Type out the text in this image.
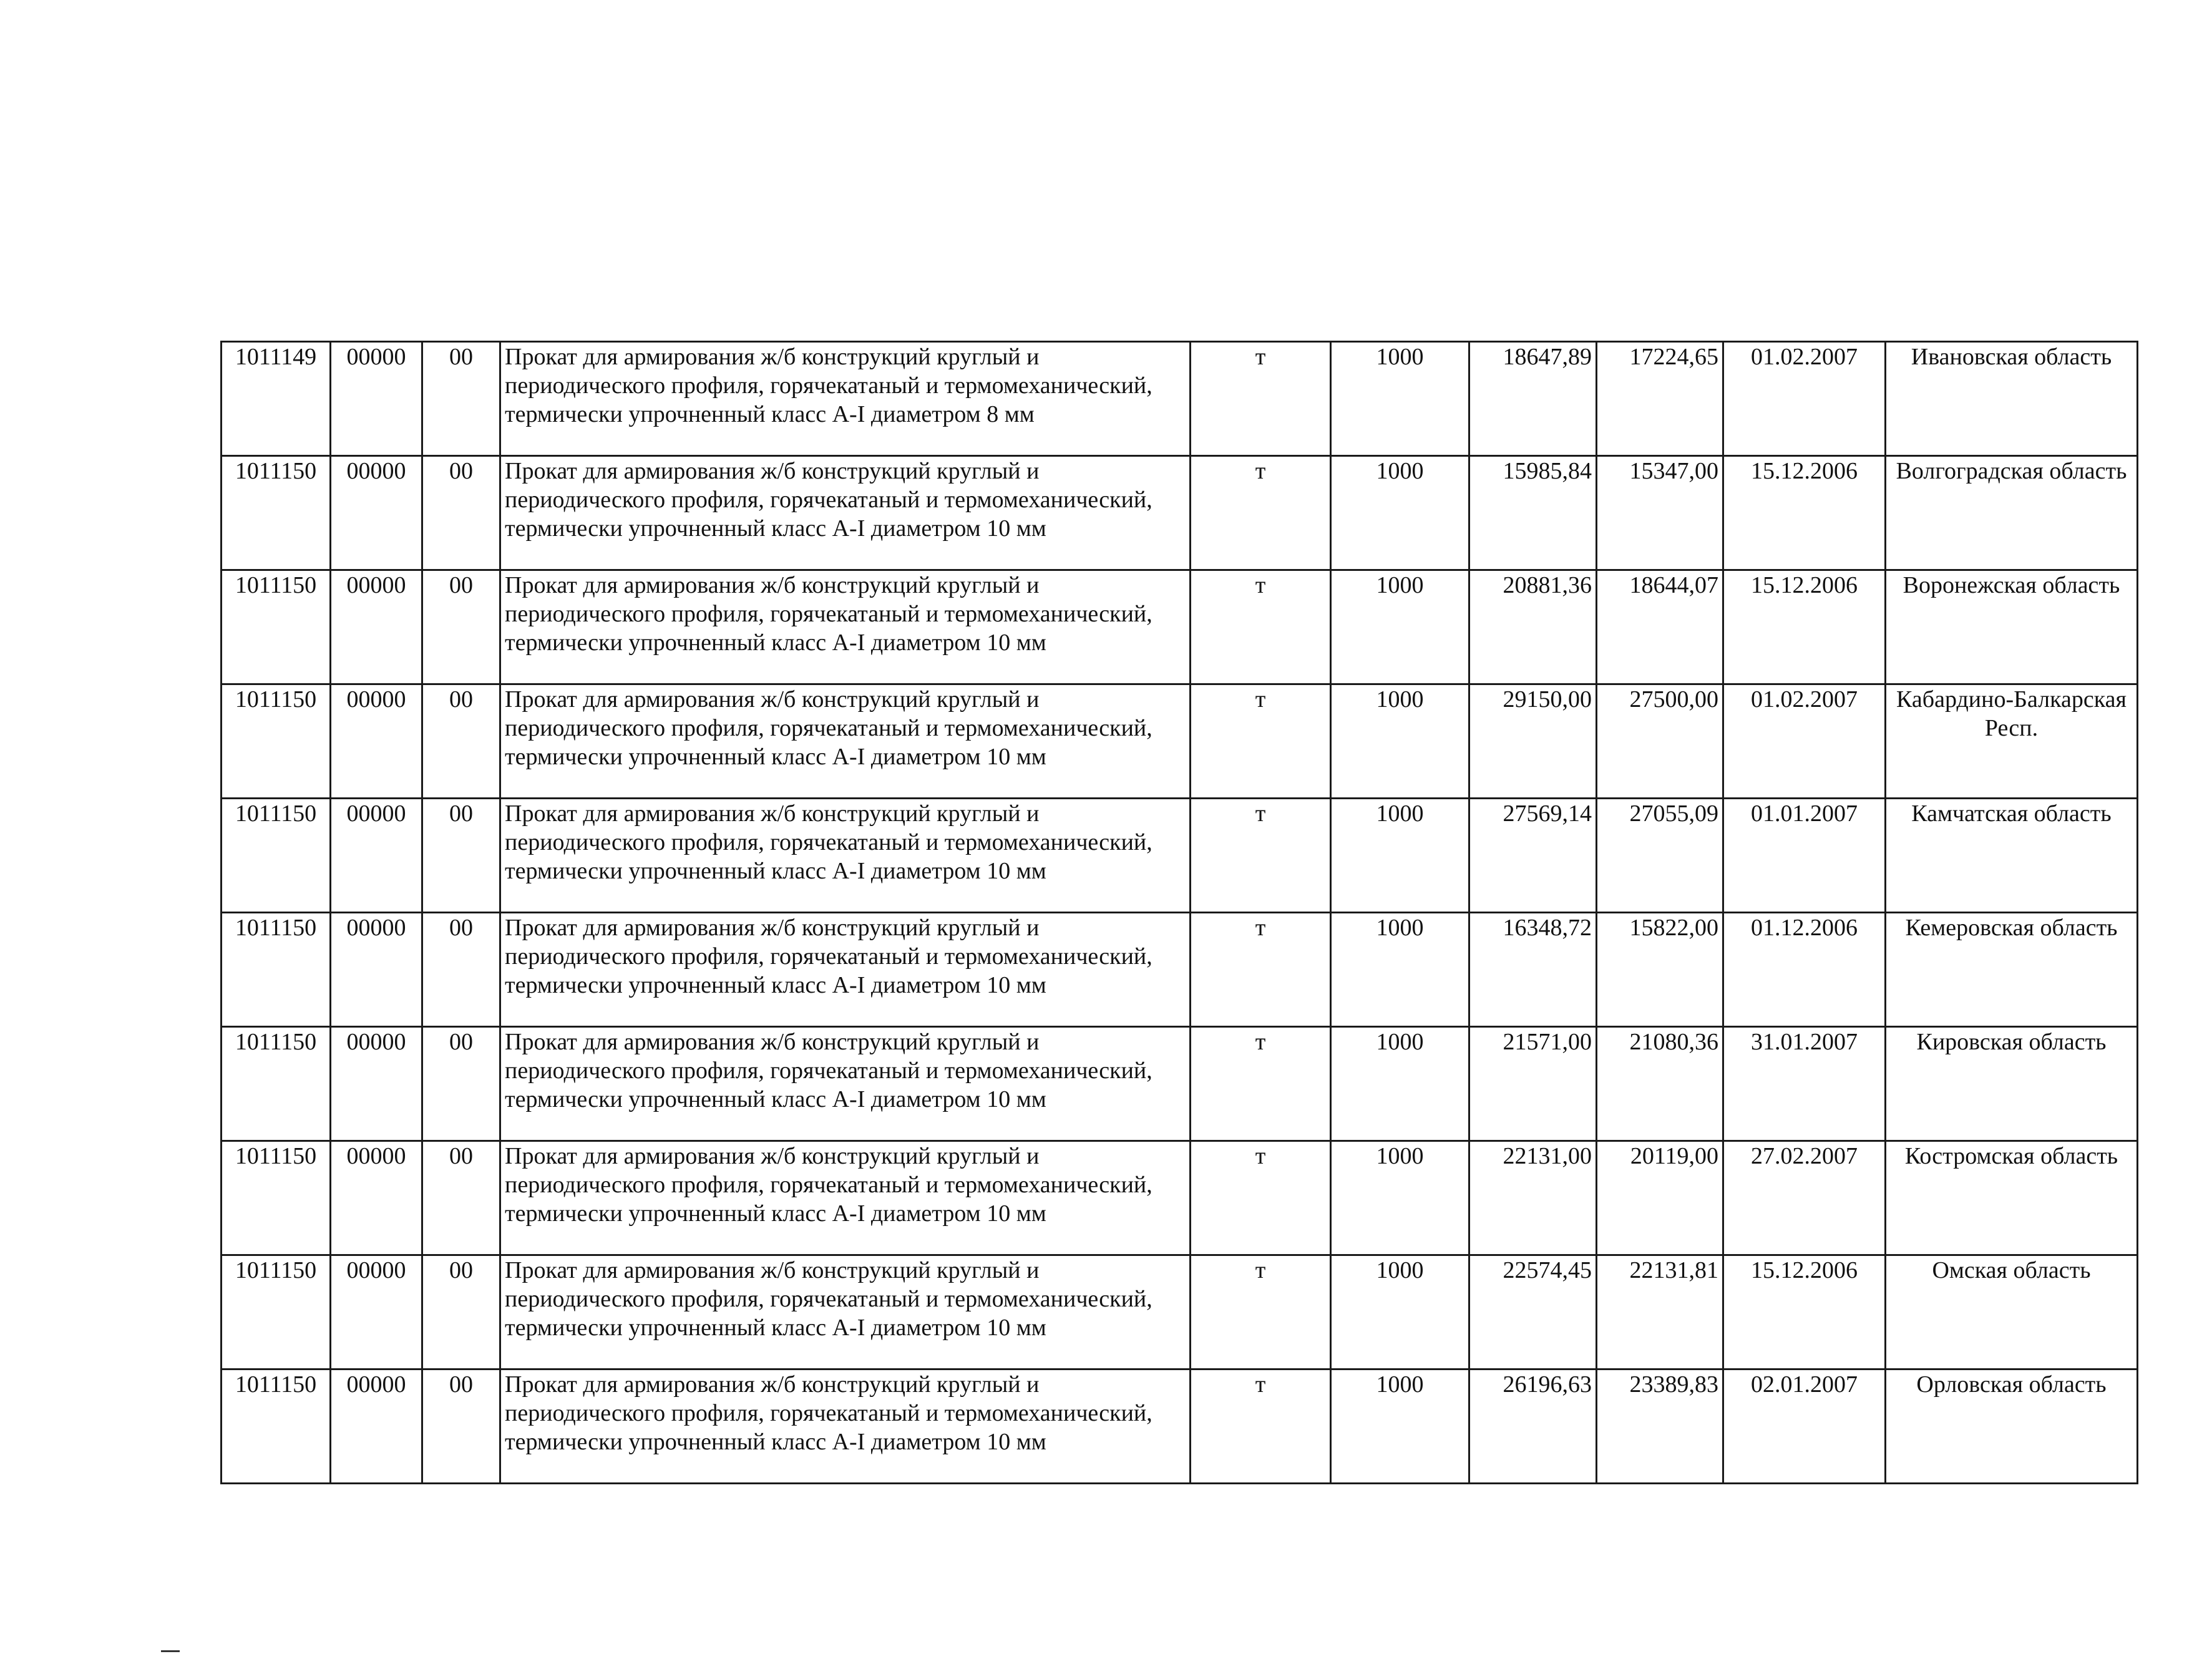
1011149	00000	00	Прокат для армирования ж/б конструкций круглый и периодического профиля, горячекатаный и термомеханический, термически упрочненный класс А-I диаметром 8 мм	т	1000	18647,89	17224,65	01.02.2007	Ивановская область
1011150	00000	00	Прокат для армирования ж/б конструкций круглый и периодического профиля, горячекатаный и термомеханический, термически упрочненный класс А-I диаметром 10 мм	т	1000	15985,84	15347,00	15.12.2006	Волгоградская область
1011150	00000	00	Прокат для армирования ж/б конструкций круглый и периодического профиля, горячекатаный и термомеханический, термически упрочненный класс А-I диаметром 10 мм	т	1000	20881,36	18644,07	15.12.2006	Воронежская область
1011150	00000	00	Прокат для армирования ж/б конструкций круглый и периодического профиля, горячекатаный и термомеханический, термически упрочненный класс А-I диаметром 10 мм	т	1000	29150,00	27500,00	01.02.2007	Кабардино-Балкарская Респ.
1011150	00000	00	Прокат для армирования ж/б конструкций круглый и периодического профиля, горячекатаный и термомеханический, термически упрочненный класс А-I диаметром 10 мм	т	1000	27569,14	27055,09	01.01.2007	Камчатская область
1011150	00000	00	Прокат для армирования ж/б конструкций круглый и периодического профиля, горячекатаный и термомеханический, термически упрочненный класс А-I диаметром 10 мм	т	1000	16348,72	15822,00	01.12.2006	Кемеровская область
1011150	00000	00	Прокат для армирования ж/б конструкций круглый и периодического профиля, горячекатаный и термомеханический, термически упрочненный класс А-I диаметром 10 мм	т	1000	21571,00	21080,36	31.01.2007	Кировская область
1011150	00000	00	Прокат для армирования ж/б конструкций круглый и периодического профиля, горячекатаный и термомеханический, термически упрочненный класс А-I диаметром 10 мм	т	1000	22131,00	20119,00	27.02.2007	Костромская область
1011150	00000	00	Прокат для армирования ж/б конструкций круглый и периодического профиля, горячекатаный и термомеханический, термически упрочненный класс А-I диаметром 10 мм	т	1000	22574,45	22131,81	15.12.2006	Омская область
1011150	00000	00	Прокат для армирования ж/б конструкций круглый и периодического профиля, горячекатаный и термомеханический, термически упрочненный класс А-I диаметром 10 мм	т	1000	26196,63	23389,83	02.01.2007	Орловская область
